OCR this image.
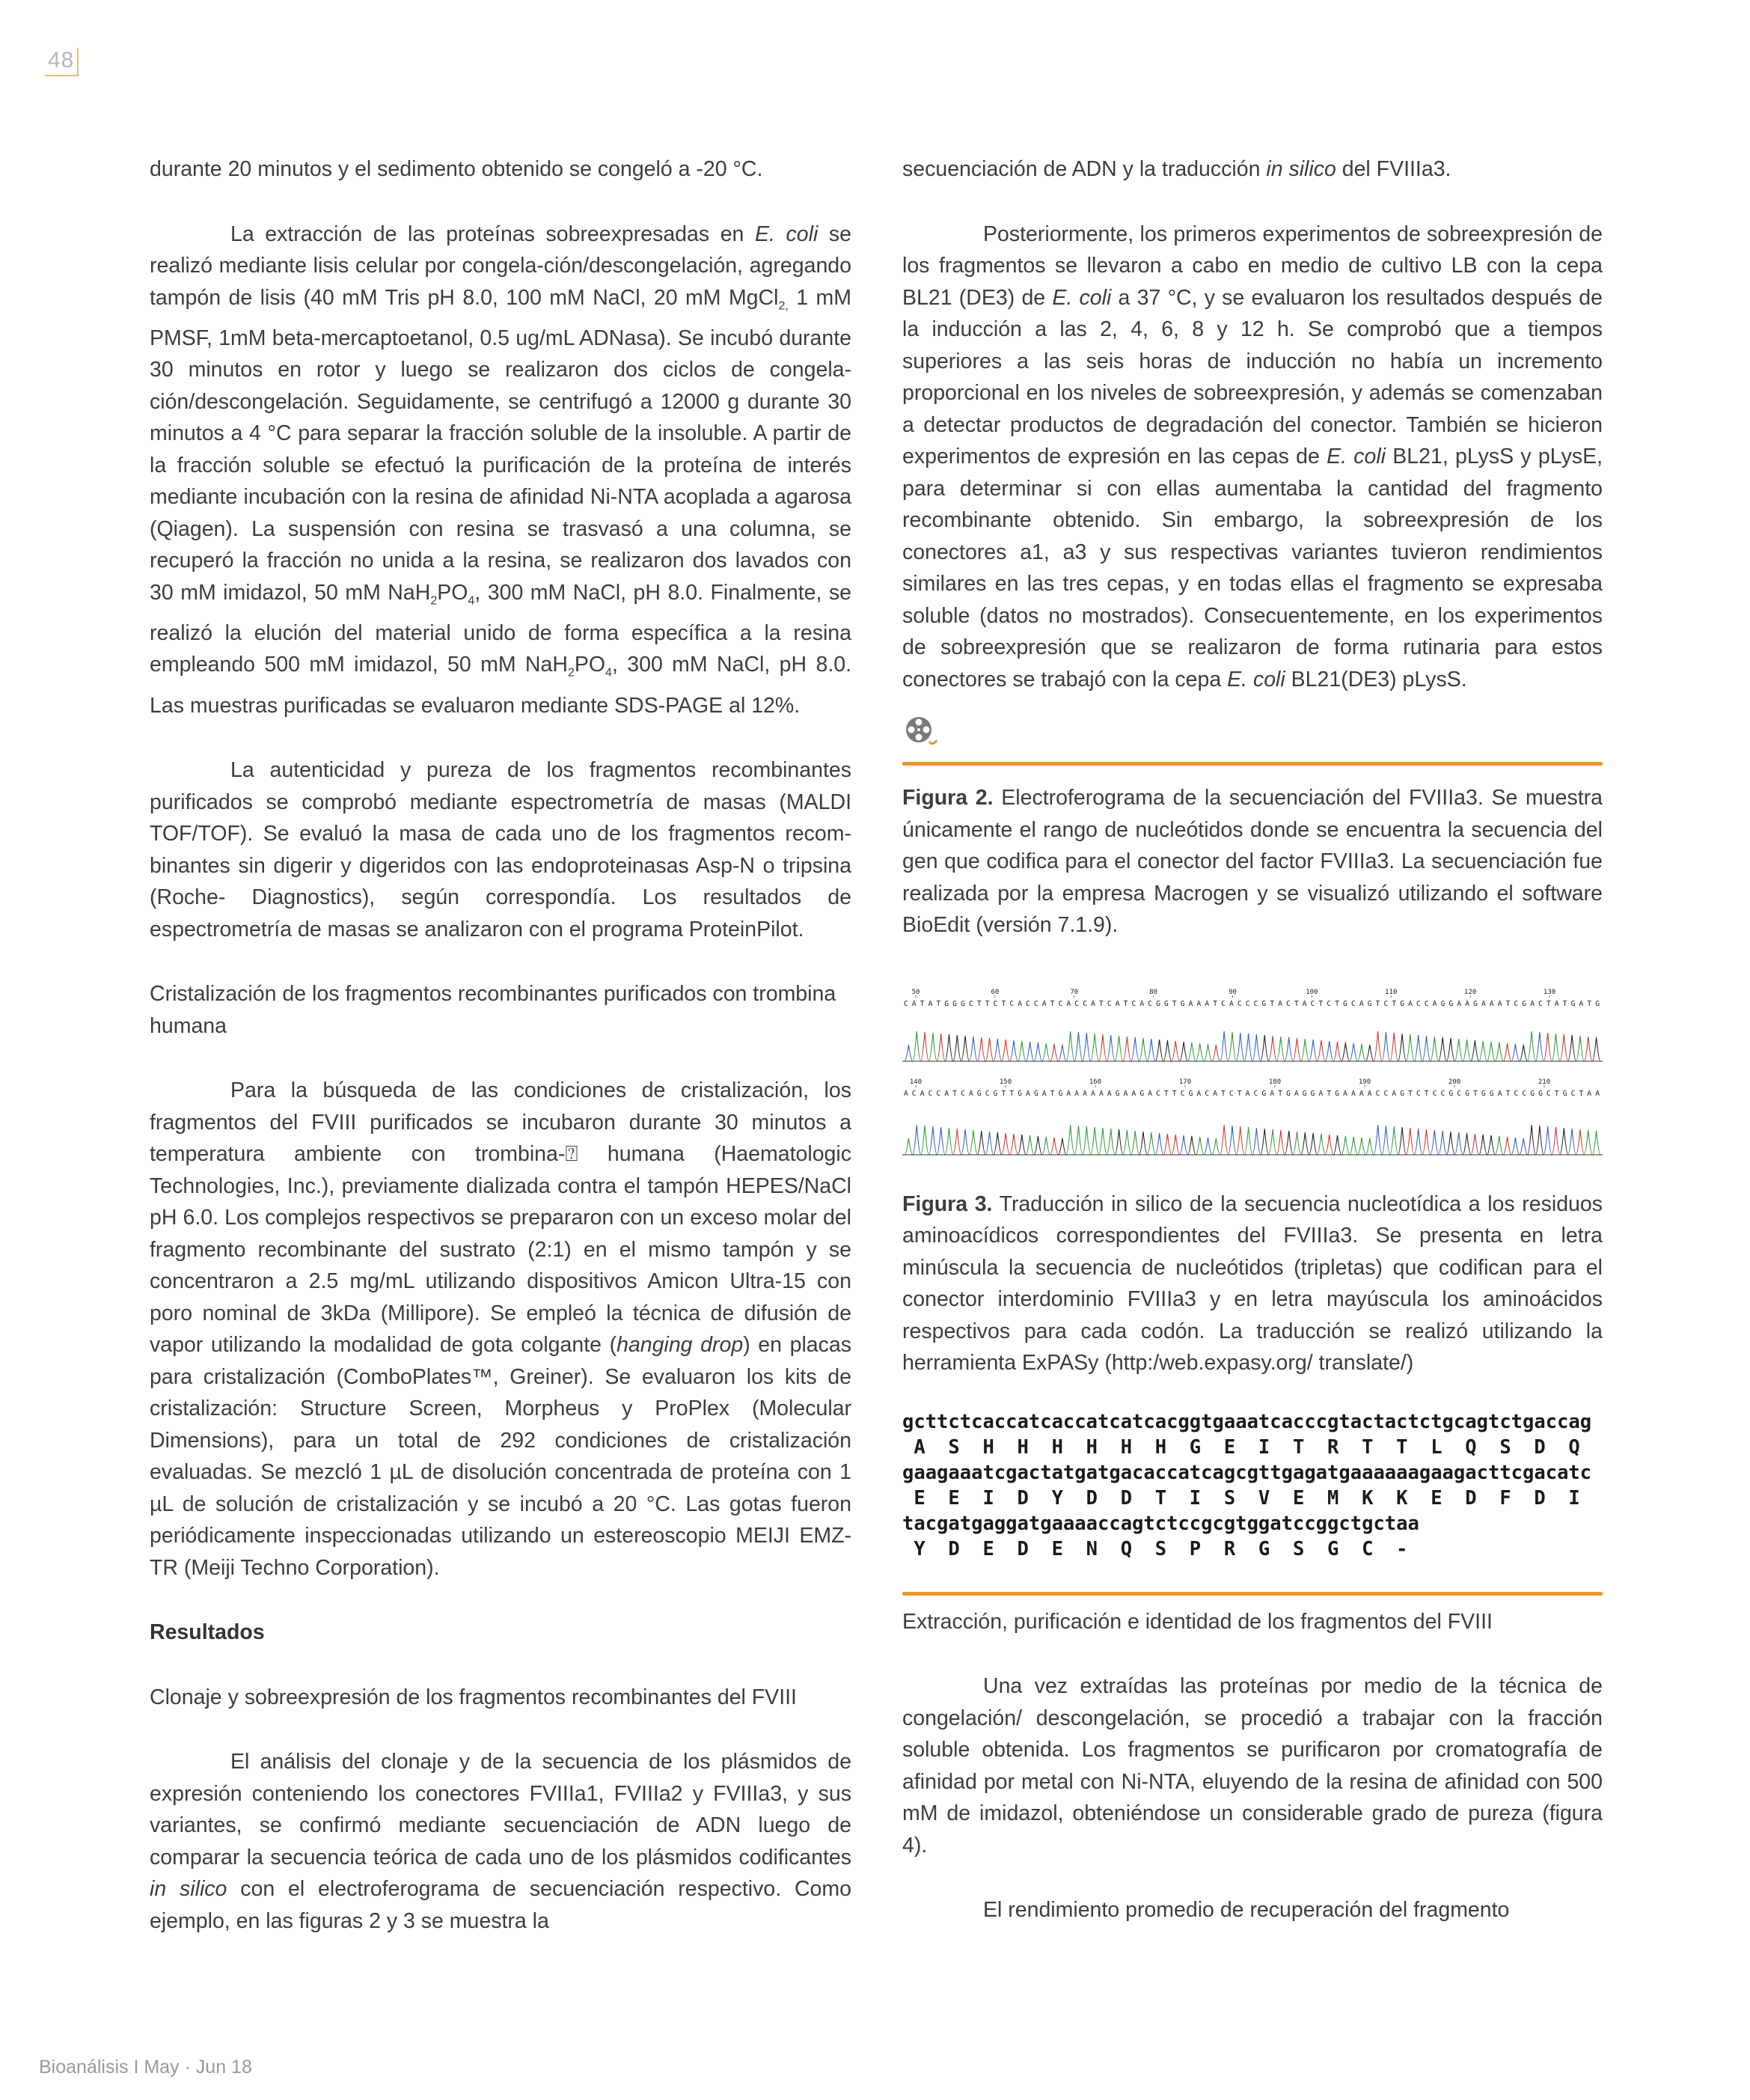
48

durante 20 minutos y el sedimento obtenido se congeló a -20 °C.

La extracción de las proteínas sobreexpresadas en E. coli se realizó mediante lisis celular por congela-ción/descongelación, agregando tampón de lisis (40 mM Tris pH 8.0, 100 mM NaCl, 20 mM MgCl$_{2,}$ 1 mM PMSF, 1mM beta-mercaptoetanol, 0.5 ug/mL ADNasa). Se incubó durante 30 minutos en rotor y luego se realizaron dos ciclos de congela-ción/descongelación. Seguidamente, se centrifugó a 12000 g durante 30 minutos a 4 °C para separar la fracción soluble de la insoluble. A partir de la fracción soluble se efectuó la purificación de la proteína de interés mediante incubación con la resina de afinidad Ni-NTA acoplada a agarosa (Qiagen). La suspensión con resina se trasvasó a una columna, se recuperó la fracción no unida a la resina, se realizaron dos lavados con 30 mM imidazol, 50 mM $NaH_2PO_4$, 300 mM NaCl, pH 8.0. Finalmente, se realizó la elución del material unido de forma específica a la resina empleando 500 mM imidazol, 50 mM $NaH_2PO_4$, 300 mM NaCl, pH 8.0. Las muestras purificadas se evaluaron mediante SDS-PAGE al 12%.

La autenticidad y pureza de los fragmentos recombinantes purificados se comprobó mediante espectrometría de masas (MALDI TOF/TOF). Se evaluó la masa de cada uno de los fragmentos recom-binantes sin digerir y digeridos con las endoproteinasas Asp-N o tripsina (Roche- Diagnostics), según correspondía. Los resultados de espectrometría de masas se analizaron con el programa ProteinPilot.

Cristalización de los fragmentos recombinantes purificados con trombina humana

Para la búsqueda de las condiciones de cristalización, los fragmentos del FVIII purificados se incubaron durante 30 minutos a temperatura ambiente con trombina-⍰ humana (Haematologic Technologies, Inc.), previamente dializada contra el tampón HEPES/NaCl pH 6.0. Los complejos respectivos se prepararon con un exceso molar del fragmento recombinante del sustrato (2:1) en el mismo tampón y se concentraron a 2.5 mg/mL utilizando dispositivos Amicon Ultra-15 con poro nominal de 3kDa (Millipore). Se empleó la técnica de difusión de vapor utilizando la modalidad de gota colgante (hanging drop) en placas para cristalización (ComboPlates™, Greiner). Se evaluaron los kits de cristalización: Structure Screen, Morpheus y ProPlex (Molecular Dimensions), para un total de 292 condiciones de cristalización evaluadas. Se mezcló 1 µL de disolución concentrada de proteína con 1 µL de solución de cristalización y se incubó a 20 °C. Las gotas fueron periódicamente inspeccionadas utilizando un estereoscopio MEIJI EMZ-TR (Meiji Techno Corporation).

Resultados

Clonaje y sobreexpresión de los fragmentos recombinantes del FVIII

El análisis del clonaje y de la secuencia de los plásmidos de expresión conteniendo los conectores FVIIIa1, FVIIIa2 y FVIIIa3, y sus variantes, se confirmó mediante secuenciación de ADN luego de comparar la secuencia teórica de cada uno de los plásmidos codificantes in silico con el electroferograma de secuenciación respectivo. Como ejemplo, en las figuras 2 y 3 se muestra la

secuenciación de ADN y la traducción in silico del FVIIIa3.

Posteriormente, los primeros experimentos de sobreexpresión de los fragmentos se llevaron a cabo en medio de cultivo LB con la cepa BL21 (DE3) de E. coli a 37 °C, y se evaluaron los resultados después de la inducción a las 2, 4, 6, 8 y 12 h. Se comprobó que a tiempos superiores a las seis horas de inducción no había un incremento proporcional en los niveles de sobreexpresión, y además se comenzaban a detectar productos de degradación del conector. También se hicieron experimentos de expresión en las cepas de E. coli BL21, pLysS y pLysE, para determinar si con ellas aumentaba la cantidad del fragmento recombinante obtenido. Sin embargo, la sobreexpresión de los conectores a1, a3 y sus respectivas variantes tuvieron rendimientos similares en las tres cepas, y en todas ellas el fragmento se expresaba soluble (datos no mostrados). Consecuentemente, en los experimentos de sobreexpresión que se realizaron de forma rutinaria para estos conectores se trabajó con la cepa E. coli BL21(DE3) pLysS.

Figura 2. Electroferograma de la secuenciación del FVIIIa3. Se muestra únicamente el rango de nucleótidos donde se encuentra la secuencia del gen que codifica para el conector del factor FVIIIa3. La secuenciación fue realizada por la empresa Macrogen y se visualizó utilizando el software BioEdit (versión 7.1.9).

50	60	70	80	90	100	110	120	130
CATATGGGCTTCTCACCATCACCATCATCACGGTGAAATCACCCGTACTACTCTGCAGTCTGACCAGGAAGAAATCGACTATGATG
140	150	160	170	180	190	200	210
ACACCATCAGCGTTGAGATGAAAAAAGAAGACTTCGACATCTACGATGAGGATGAAAACCAGTCTCCGCGTGGATCCGGCTGCTAA

Figura 3. Traducción in silico de la secuencia nucleotídica a los residuos aminoacídicos correspondientes del FVIIIa3. Se presenta en letra minúscula la secuencia de nucleótidos (tripletas) que codifican para el conector interdominio FVIIIa3 y en letra mayúscula los aminoácidos respectivos para cada codón. La traducción se realizó utilizando la herramienta ExPASy (http:/web.expasy.org/ translate/)

gcttctcaccatcaccatcatcacggtgaaatcacccgtactactctgcagtctgaccag
A  S  H  H  H  H  H  H  G  E  I  T  R  T  T  L  Q  S  D  Q
gaagaaatcgactatgatgacaccatcagcgttgagatgaaaaaagaagacttcgacatc
E  E  I  D  Y  D  D  T  I  S  V  E  M  K  K  E  D  F  D  I
tacgatgaggatgaaaaccagtctccgcgtggatccggctgctaa
Y  D  E  D  E  N  Q  S  P  R  G  S  G  C  -

Extracción, purificación e identidad de los fragmentos del FVIII

Una vez extraídas las proteínas por medio de la técnica de congelación/ descongelación, se procedió a trabajar con la fracción soluble obtenida. Los fragmentos se purificaron por cromatografía de afinidad por metal con Ni-NTA, eluyendo de la resina de afinidad con 500 mM de imidazol, obteniéndose un considerable grado de pureza (figura 4).

El rendimiento promedio de recuperación del fragmento

Bioanálisis I May · Jun 18
